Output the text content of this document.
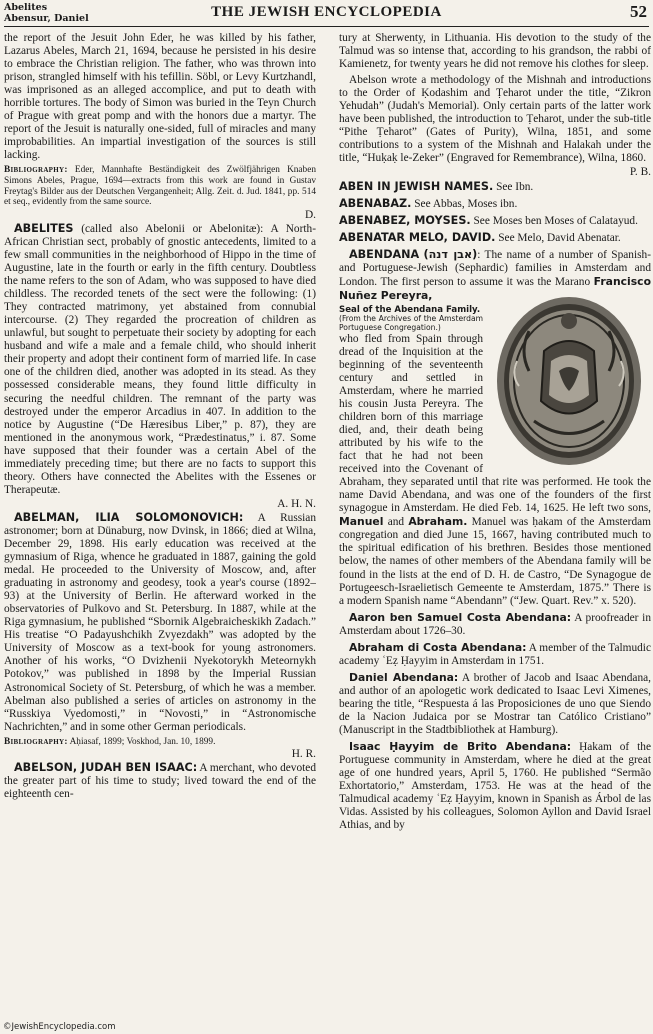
Abelites
Abensur, Daniel	THE JEWISH ENCYCLOPEDIA	52

the report of the Jesuit John Eder, he was killed by his father, Lazarus Abeles, March 21, 1694, because he persisted in his desire to embrace the Christian religion. The father, who was thrown into prison, strangled himself with his tefillin. Söbl, or Levy Kurtzhandl, was imprisoned as an alleged accomplice, and put to death with horrible tortures. The body of Simon was buried in the Teyn Church of Prague with great pomp and with the honors due a martyr. The report of the Jesuit is naturally one-sided, full of miracles and many improbabilities. An impartial investigation of the sources is still lacking.

Bibliography: Eder, Mannhafte Beständigkeit des Zwölfjährigen Knaben Simons Abeles, Prague, 1694—extracts from this work are found in Gustav Freytag's Bilder aus der Deutschen Vergangenheit; Allg. Zeit. d. Jud. 1841, pp. 514 et seq., evidently from the same source.

D.

ABELITES (called also Abelonii or Abelonitæ): A North-African Christian sect, probably of gnostic antecedents, limited to a few small communities in the neighborhood of Hippo in the time of Augustine, late in the fourth or early in the fifth century. Doubtless the name refers to the son of Adam, who was supposed to have died childless. The recorded tenets of the sect were the following: (1) They contracted matrimony, yet abstained from connubial intercourse. (2) They regarded the procreation of children as unlawful, but sought to perpetuate their society by adopting for each husband and wife a male and a female child, who should inherit their property and adopt their continent form of married life. In case one of the children died, another was adopted in its stead. As they possessed considerable means, they found little difficulty in securing the needful children. The remnant of the party was destroyed under the emperor Arcadius in 407. In addition to the notice by Augustine (“De Hæresibus Liber,” p. 87), they are mentioned in the anonymous work, “Prædestinatus,” i. 87. Some have supposed that their founder was a certain Abel of the immediately preceding time; but there are no facts to support this theory. Others have connected the Abelites with the Essenes or Therapeutæ.

A. H. N.

ABELMAN, ILIA SOLOMONOVICH: A Russian astronomer; born at Dünaburg, now Dvinsk, in 1866; died at Wilna, December 29, 1898. His early education was received at the gymnasium of Riga, whence he graduated in 1887, gaining the gold medal. He proceeded to the University of Moscow, and, after graduating in astronomy and geodesy, took a year's course (1892–93) at the University of Berlin. He afterward worked in the observatories of Pulkovo and St. Petersburg. In 1887, while at the Riga gymnasium, he published “Sbornik Algebraicheskikh Zadach.” His treatise “O Padayushchikh Zvyezdakh” was adopted by the University of Moscow as a text-book for young astronomers. Another of his works, “O Dvizhenii Nyekotorykh Meteornykh Potokov,” was published in 1898 by the Imperial Russian Astronomical Society of St. Petersburg, of which he was a member. Abelman also published a series of articles on astronomy in the “Russkiya Vyedomosti,” in “Novosti,” in “Astronomische Nachrichten,” and in some other German periodicals.

Bibliography: Aḥiasaf, 1899; Voskhod, Jan. 10, 1899.

H. R.

ABELSON, JUDAH BEN ISAAC: A merchant, who devoted the greater part of his time to study; lived toward the end of the eighteenth cen-

tury at Sherwenty, in Lithuania. His devotion to the study of the Talmud was so intense that, according to his grandson, the rabbi of Kamienetz, for twenty years he did not remove his clothes for sleep.

Abelson wrote a methodology of the Mishnah and introductions to the Order of Ḳodashim and Ṭeharot under the title, “Zikron Yehudah” (Judah's Memorial). Only certain parts of the latter work have been published, the introduction to Ṭeharot, under the sub-title “Pithe Ṭeharot” (Gates of Purity), Wilna, 1851, and some contributions to a system of the Mishnah and Halakah under the title, “Huḳaḳ le-Zeker” (Engraved for Remembrance), Wilna, 1860.

P. B.

ABEN IN JEWISH NAMES. See Ibn.

ABENABAZ. See Abbas, Moses ibn.

ABENABEZ, MOYSES. See Moses ben Moses of Calatayud.

ABENATAR MELO, DAVID. See Melo, David Abenatar.

ABENDANA (אבן דנה): The name of a number of Spanish- and Portuguese-Jewish (Sephardic) families in Amsterdam and London. The first person to assume it was the Marano Francisco Nuñez Pereyra,

Seal of the Abendana Family.
(From the Archives of the Amsterdam Portuguese Congregation.)
who fled from Spain through dread of the Inquisition at the beginning of the seventeenth century and settled in Amsterdam, where he married his cousin Justa Pereyra. The children born of this marriage died, and, their death being attributed by his wife to the fact that he had not been received into the Covenant of Abraham, they separated until that rite was performed. He took the name David Abendana, and was one of the founders of the first synagogue in Amsterdam. He died Feb. 14, 1625. He left two sons, Manuel and Abraham. Manuel was ḥakam of the Amsterdam congregation and died June 15, 1667, having contributed much to the spiritual edification of his brethren. Besides those mentioned below, the names of other members of the Abendana family will be found in the lists at the end of D. H. de Castro, “De Synagogue de Portugeesch-Israelietisch Gemeente te Amsterdam, 1875.” There is a modern Spanish name “Abendann” (“Jew. Quart. Rev.” x. 520).

Aaron ben Samuel Costa Abendana: A proofreader in Amsterdam about 1726–30.

Abraham di Costa Abendana: A member of the Talmudic academy ʿEẓ Ḥayyim in Amsterdam in 1751.

Daniel Abendana: A brother of Jacob and Isaac Abendana, and author of an apologetic work dedicated to Isaac Levi Ximenes, bearing the title, “Respuesta á las Proposiciones de uno que Siendo de la Nacion Judaica por se Mostrar tan Católico Cristiano” (Manuscript in the Stadtbibliothek at Hamburg).

Isaac Ḥayyim de Brito Abendana: Ḥakam of the Portuguese community in Amsterdam, where he died at the great age of one hundred years, April 5, 1760. He published “Sermão Exhortatorio,” Amsterdam, 1753. He was at the head of the Talmudical academy ʿEẓ Ḥayyim, known in Spanish as Árbol de las Vidas. Assisted by his colleagues, Solomon Ayllon and David Israel Athias, and by

©JewishEncyclopedia.com
